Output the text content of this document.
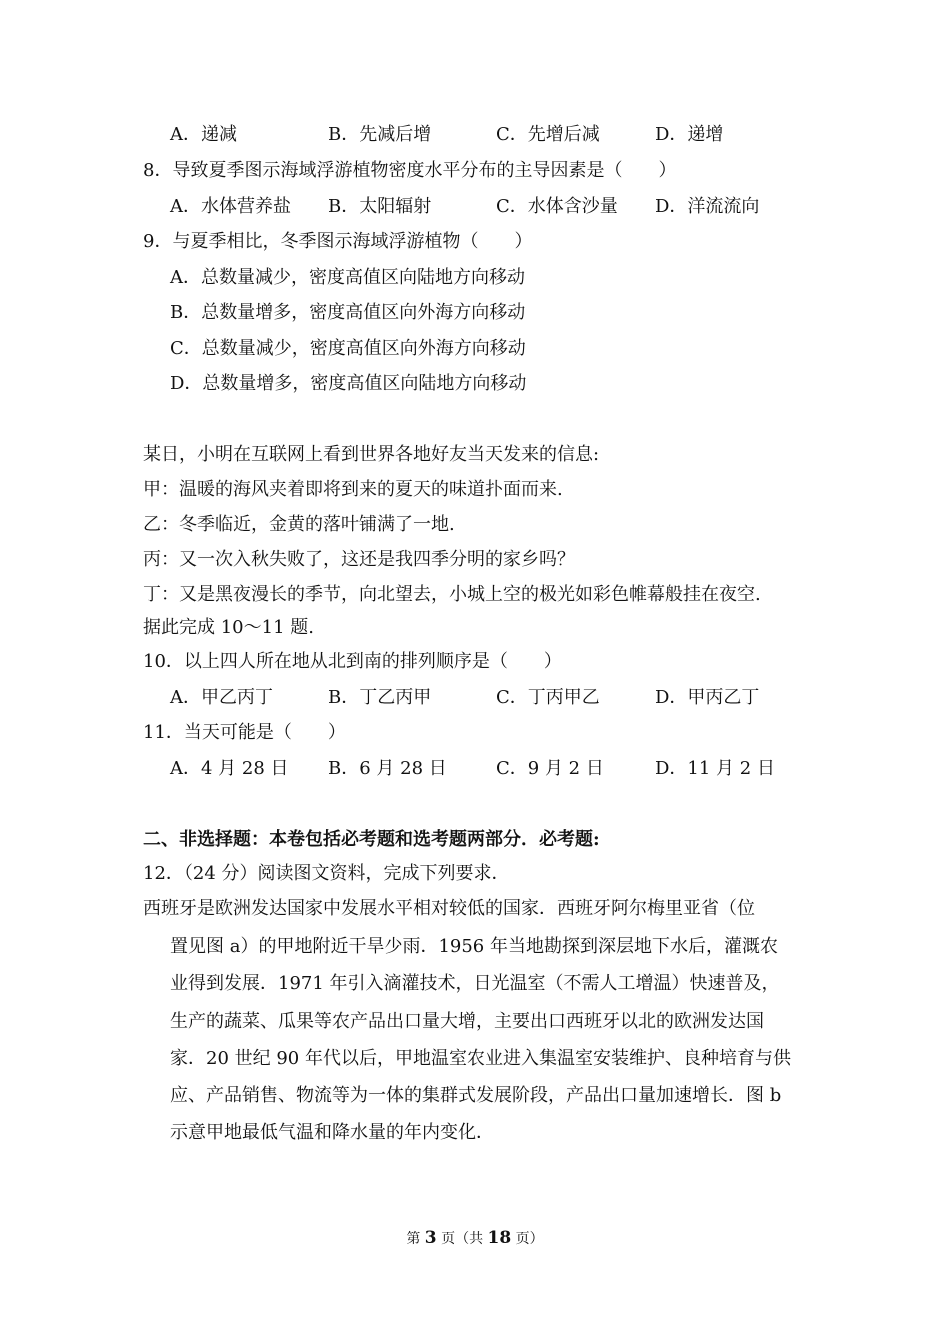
A．递减	B．先减后增	C．先增后减	D．递增
8．导致夏季图示海域浮游植物密度水平分布的主导因素是（　　）
A．水体营养盐 B．太阳辐射	C．水体含沙量 D．洋流流向
9．与夏季相比，冬季图示海域浮游植物（　　）
A．总数量减少，密度高值区向陆地方向移动
B．总数量增多，密度高值区向外海方向移动
C．总数量减少，密度高值区向外海方向移动
D．总数量增多，密度高值区向陆地方向移动
某日，小明在互联网上看到世界各地好友当天发来的信息:
甲：温暖的海风夹着即将到来的夏天的味道扑面而来.
乙：冬季临近，金黄的落叶铺满了一地.
丙：又一次入秋失败了，这还是我四季分明的家乡吗？
丁：又是黑夜漫长的季节，向北望去，小城上空的极光如彩色帷幕般挂在夜空.
据此完成 10～11 题.
10．以上四人所在地从北到南的排列顺序是（　　）
A．甲乙丙丁	B．丁乙丙甲	C．丁丙甲乙	D．甲丙乙丁
11．当天可能是（　　）
A．4 月 28 日 B．6 月 28 日	C．9 月 2 日	D．11 月 2 日
二、非选择题：本卷包括必考题和选考题两部分．必考题:
12．（24 分）阅读图文资料，完成下列要求．
西班牙是欧洲发达国家中发展水平相对较低的国家．西班牙阿尔梅里亚省（位
置见图 a）的甲地附近干旱少雨．1956 年当地勘探到深层地下水后，灌溉农
业得到发展．1971 年引入滴灌技术，日光温室（不需人工增温）快速普及，
生产的蔬菜、瓜果等农产品出口量大增，主要出口西班牙以北的欧洲发达国
家．20 世纪 90 年代以后，甲地温室农业进入集温室安装维护、良种培育与供
应、产品销售、物流等为一体的集群式发展阶段，产品出口量加速增长．图 b
示意甲地最低气温和降水量的年内变化．
第 3 页（共 18 页）
